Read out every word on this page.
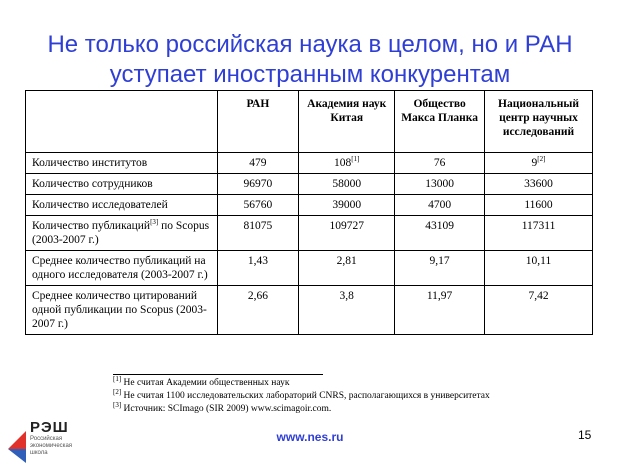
Не только российская наука в целом, но и РАН
уступает иностранным конкурентам
	РАН	Академия наук Китая	Общество Макса Планка	Национальный центр научных исследований
Количество институтов	479	108[1]	76	9[2]
Количество сотрудников	96970	58000	13000	33600
Количество исследователей	56760	39000	4700	11600
Количество публикаций[3] по Scopus (2003-2007 г.)	81075	109727	43109	117311
Среднее количество публикаций на одного исследователя (2003-2007 г.)	1,43	2,81	9,17	10,11
Среднее количество цитирований одной публикации по Scopus (2003-2007 г.)	2,66	3,8	11,97	7,42
[1] Не считая Академии общественных наук
[2] Не считая 1100 исследовательских лабораторий CNRS, располагающихся в университетах
[3] Источник: SCImago (SIR 2009) www.scimagoir.com.
РЭШ
Российская
экономическая
школа
www.nes.ru	15
